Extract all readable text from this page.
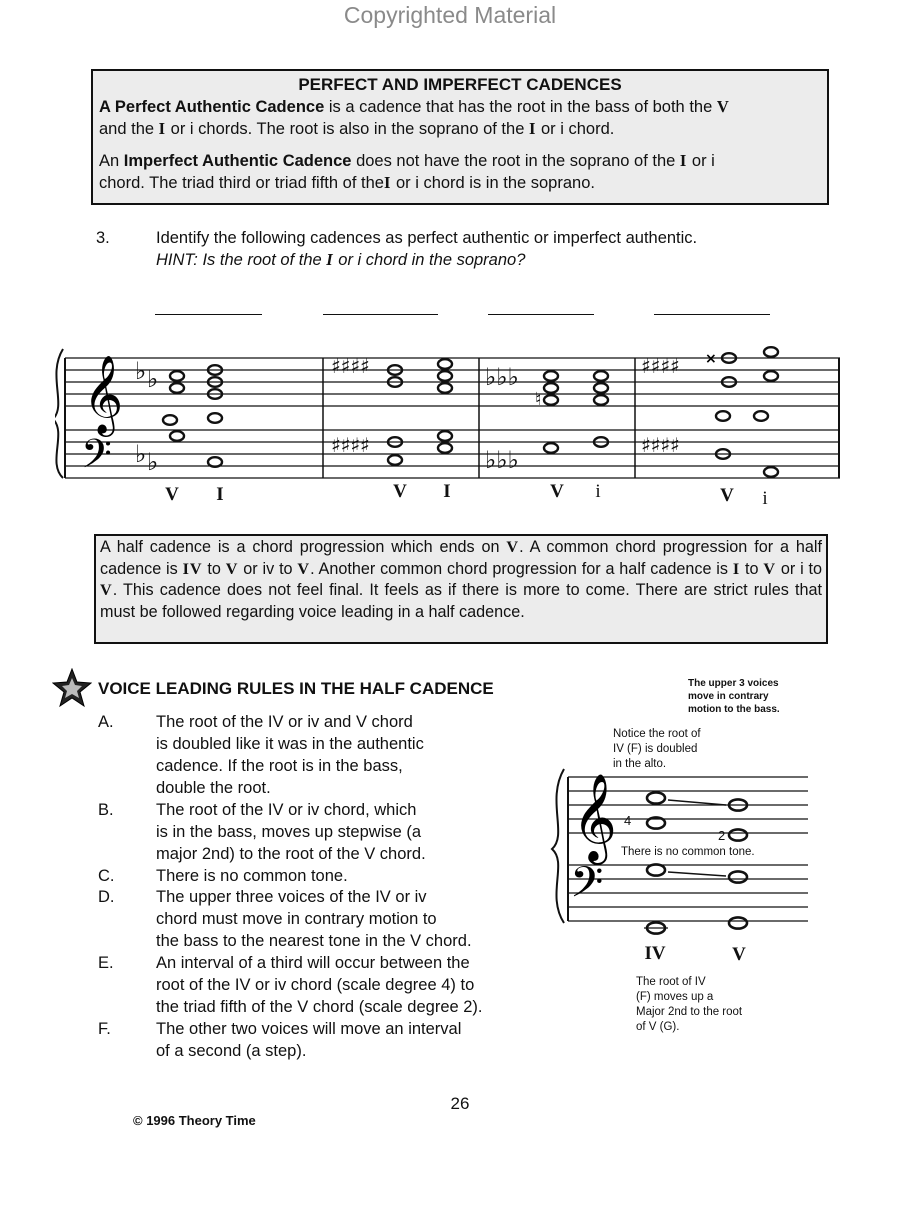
Copyrighted Material
PERFECT AND IMPERFECT CADENCES

A Perfect Authentic Cadence is a cadence that has the root in the bass of both the V
and the I or i chords. The root is also in the soprano of the I or i chord.

An Imperfect Authentic Cadence does not have the root in the soprano of the I or i
chord. The triad third or triad fifth of theI or i chord is in the soprano.

3.	Identify the following cadences as perfect authentic or imperfect authentic.
HINT: Is the root of the I or i chord in the soprano?
𝄞
𝄢
♭ ♭
♭ ♭
♯♯♯♯
♯♯♯♯
♭♭♭
♭♭♭
♯♯♯♯
♯♯♯♯
×
♮
V	I	V	I	V	i	V	i

A half cadence is a chord progression which ends on V. A common chord progression for a half cadence is IV to V or iv to V. Another common chord progression for a half cadence is I to V or i to V. This cadence does not feel final. It feels as if there is more to come. There are strict rules that must be followed regarding voice leading in a half cadence.

VOICE LEADING RULES IN THE HALF CADENCE
A.	The root of the IV or iv and V chord
is doubled like it was in the authentic
cadence. If the root is in the bass,
double the root.
B.	The root of the IV or iv chord, which
is in the bass, moves up stepwise (a
major 2nd) to the root of the V chord.
C.	There is no common tone.
D.	The upper three voices of the IV or iv
chord must move in contrary motion to
the bass to the nearest tone in the V chord.
E.	An interval of a third will occur between the
root of the IV or iv chord (scale degree 4) to
the triad fifth of the V chord (scale degree 2).
F.	The other two voices will move an interval
of a second (a step).
The upper 3 voices
move in contrary
motion to the bass.
Notice the root of
IV (F) is doubled
in the alto.
𝄞
𝄢
4
2
There is no common tone.
IV	V
The root of IV
(F) moves up a
Major 2nd to the root
of V (G).
26
© 1996 Theory Time
